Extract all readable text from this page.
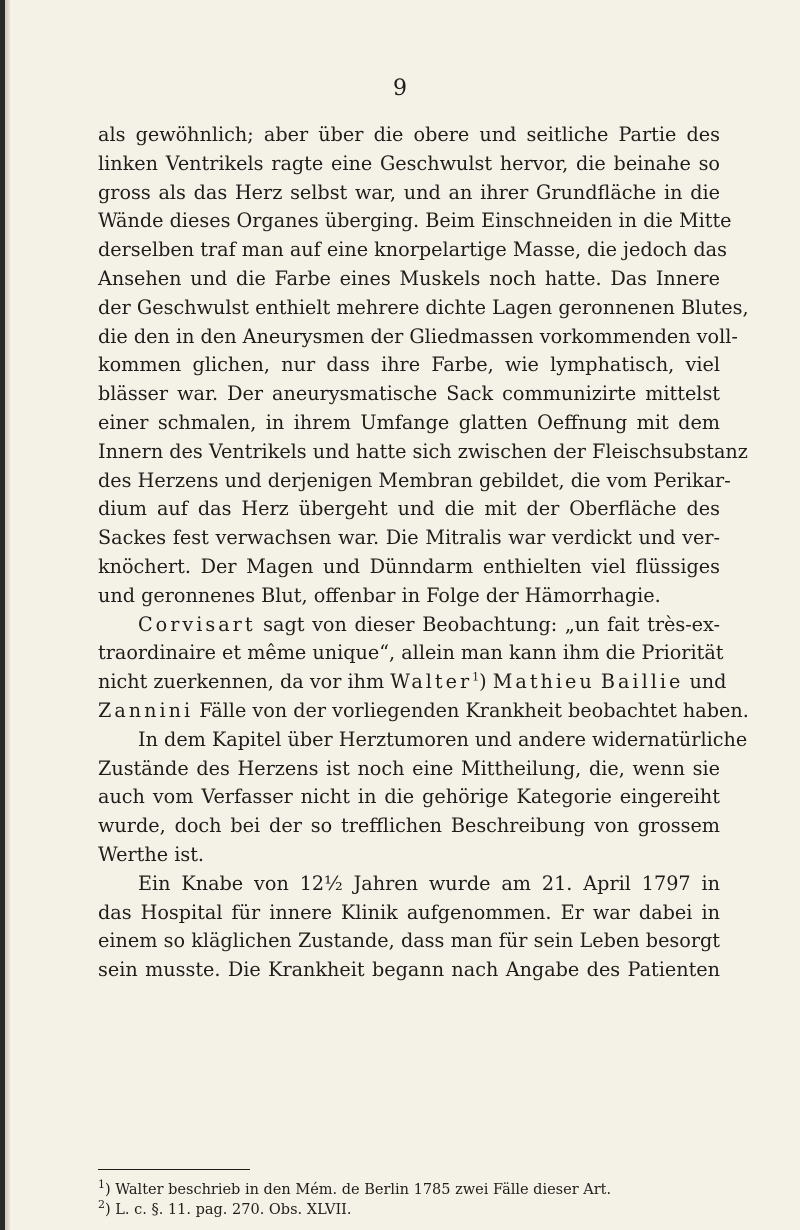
9
als gewöhnlich; aber über die obere und seitliche Partie des
linken Ventrikels ragte eine Geschwulst hervor, die beinahe so
gross als das Herz selbst war, und an ihrer Grundfläche in die
Wände dieses Organes überging. Beim Einschneiden in die Mitte
derselben traf man auf eine knorpelartige Masse, die jedoch das
Ansehen und die Farbe eines Muskels noch hatte. Das Innere
der Geschwulst enthielt mehrere dichte Lagen geronnenen Blutes,
die den in den Aneurysmen der Gliedmassen vorkommenden voll-
kommen glichen, nur dass ihre Farbe, wie lymphatisch, viel
blässer war. Der aneurysmatische Sack communizirte mittelst
einer schmalen, in ihrem Umfange glatten Oeffnung mit dem
Innern des Ventrikels und hatte sich zwischen der Fleischsubstanz
des Herzens und derjenigen Membran gebildet, die vom Perikar-
dium auf das Herz übergeht und die mit der Oberfläche des
Sackes fest verwachsen war. Die Mitralis war verdickt und ver-
knöchert. Der Magen und Dünndarm enthielten viel flüssiges
und geronnenes Blut, offenbar in Folge der Hämorrhagie.
Corvisart sagt von dieser Beobachtung: „un fait très-ex-
traordinaire et même unique“, allein man kann ihm die Priorität
nicht zuerkennen, da vor ihm Walter$^1$) Mathieu Baillie und
Zannini Fälle von der vorliegenden Krankheit beobachtet haben.
In dem Kapitel über Herztumoren und andere widernatürliche
Zustände des Herzens ist noch eine Mittheilung, die, wenn sie
auch vom Verfasser nicht in die gehörige Kategorie eingereiht
wurde, doch bei der so trefflichen Beschreibung von grossem
Werthe ist.
Ein Knabe von 12½ Jahren wurde am 21. April 1797 in
das Hospital für innere Klinik aufgenommen. Er war dabei in
einem so kläglichen Zustande, dass man für sein Leben besorgt
sein musste. Die Krankheit begann nach Angabe des Patienten
$^1$) Walter beschrieb in den Mém. de Berlin 1785 zwei Fälle dieser Art.
$^2$) L. c. §. 11. pag. 270. Obs. XLVII.
